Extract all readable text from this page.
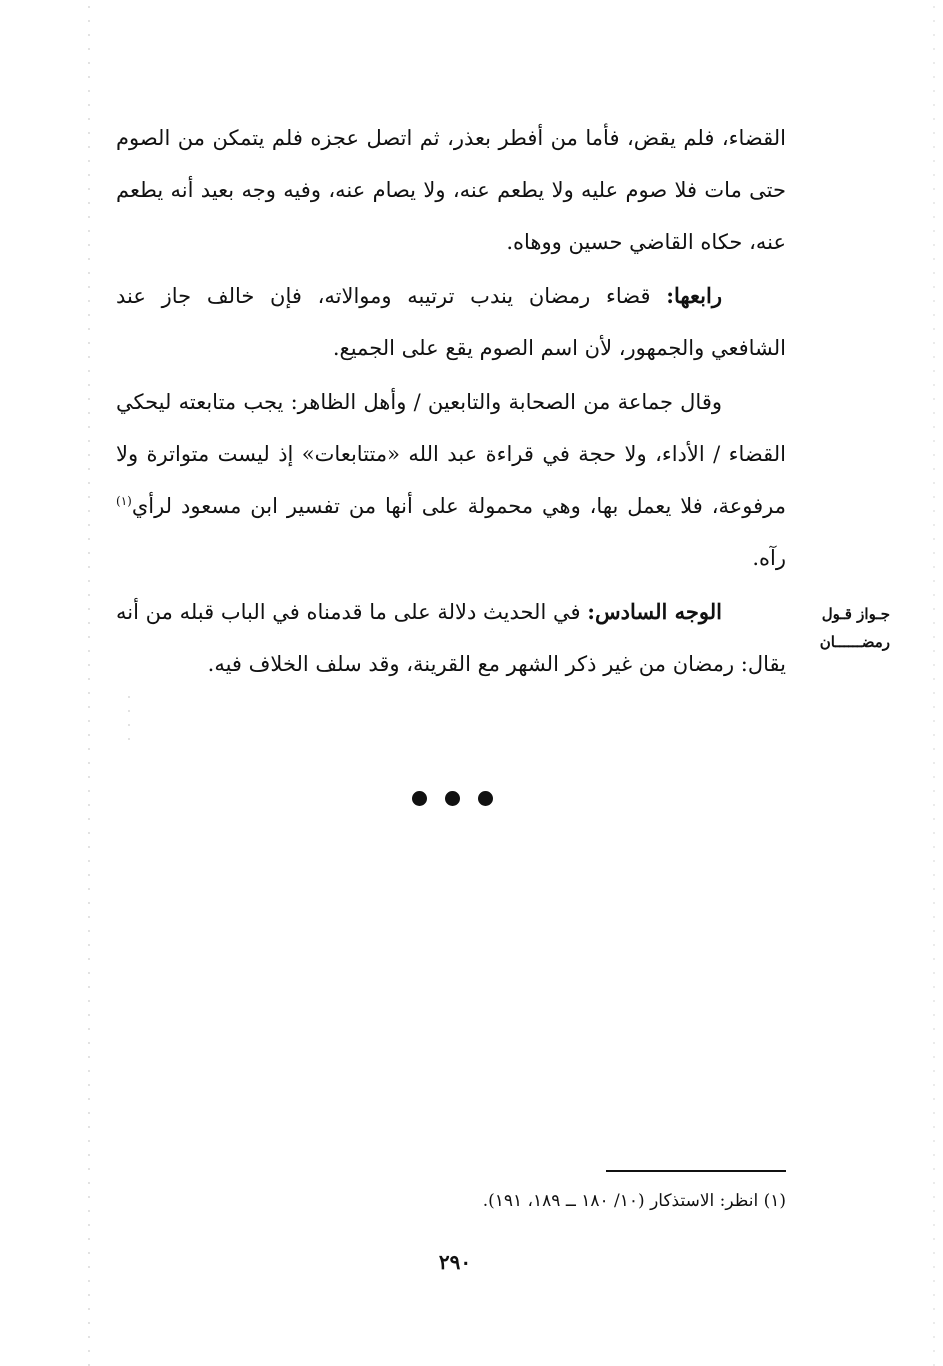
القضاء، فلم يقض، فأما من أفطر بعذر، ثم اتصل عجزه فلم يتمكن من الصوم حتى مات فلا صوم عليه ولا يطعم عنه، ولا يصام عنه، وفيه وجه بعيد أنه يطعم عنه، حكاه القاضي حسين ووهاه.

رابعها: قضاء رمضان يندب ترتيبه وموالاته، فإن خالف جاز عند الشافعي والجمهور، لأن اسم الصوم يقع على الجميع.

وقال جماعة من الصحابة والتابعين / وأهل الظاهر: يجب متابعته ليحكي القضاء / الأداء، ولا حجة في قراءة عبد الله «متتابعات» إذ ليست متواترة ولا مرفوعة، فلا يعمل بها، وهي محمولة على أنها من تفسير ابن مسعود لرأي$^{(١)}$ رآه.

الوجه السادس: في الحديث دلالة على ما قدمناه في الباب قبله من أنه يقال: رمضان من غير ذكر الشهر مع القرينة، وقد سلف الخلاف فيه.

جـواز قـول
رمضــــــان
(١) انظر: الاستذكار (١٠/ ١٨٠ ــ ١٨٩، ١٩١).
٢٩٠
